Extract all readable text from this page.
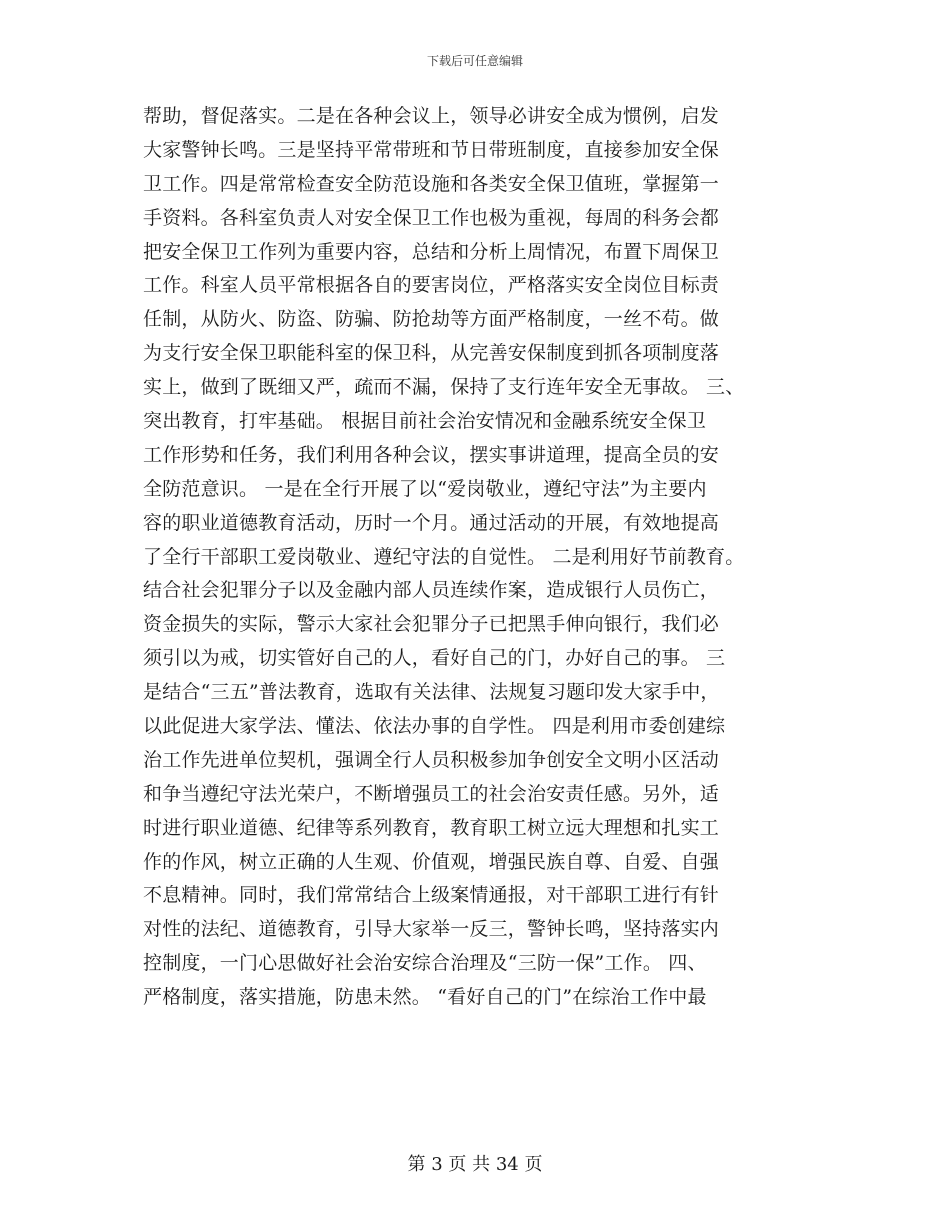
下载后可任意编辑
帮助，督促落实。二是在各种会议上，领导必讲安全成为惯例，启发
大家警钟长鸣。三是坚持平常带班和节日带班制度，直接参加安全保
卫工作。四是常常检查安全防范设施和各类安全保卫值班，掌握第一
手资料。各科室负责人对安全保卫工作也极为重视，每周的科务会都
把安全保卫工作列为重要内容，总结和分析上周情况，布置下周保卫
工作。科室人员平常根据各自的要害岗位，严格落实安全岗位目标责
任制，从防火、防盗、防骗、防抢劫等方面严格制度，一丝不苟。做
为支行安全保卫职能科室的保卫科，从完善安保制度到抓各项制度落
实上，做到了既细又严，疏而不漏，保持了支行连年安全无事故。 三、
突出教育，打牢基础。 根据目前社会治安情况和金融系统安全保卫
工作形势和任务，我们利用各种会议，摆实事讲道理，提高全员的安
全防范意识。 一是在全行开展了以“爱岗敬业，遵纪守法”为主要内
容的职业道德教育活动，历时一个月。通过活动的开展，有效地提高
了全行干部职工爱岗敬业、遵纪守法的自觉性。 二是利用好节前教育。
结合社会犯罪分子以及金融内部人员连续作案，造成银行人员伤亡，
资金损失的实际，警示大家社会犯罪分子已把黑手伸向银行，我们必
须引以为戒，切实管好自己的人，看好自己的门，办好自己的事。 三
是结合“三五”普法教育，选取有关法律、法规复习题印发大家手中，
以此促进大家学法、懂法、依法办事的自学性。 四是利用市委创建综
治工作先进单位契机，强调全行人员积极参加争创安全文明小区活动
和争当遵纪守法光荣户，不断增强员工的社会治安责任感。另外，适
时进行职业道德、纪律等系列教育，教育职工树立远大理想和扎实工
作的作风，树立正确的人生观、价值观，增强民族自尊、自爱、自强
不息精神。同时，我们常常结合上级案情通报，对干部职工进行有针
对性的法纪、道德教育，引导大家举一反三，警钟长鸣，坚持落实内
控制度，一门心思做好社会治安综合治理及“三防一保”工作。 四、
严格制度，落实措施，防患未然。 “看好自己的门”在综治工作中最
第 3 页 共 34 页
